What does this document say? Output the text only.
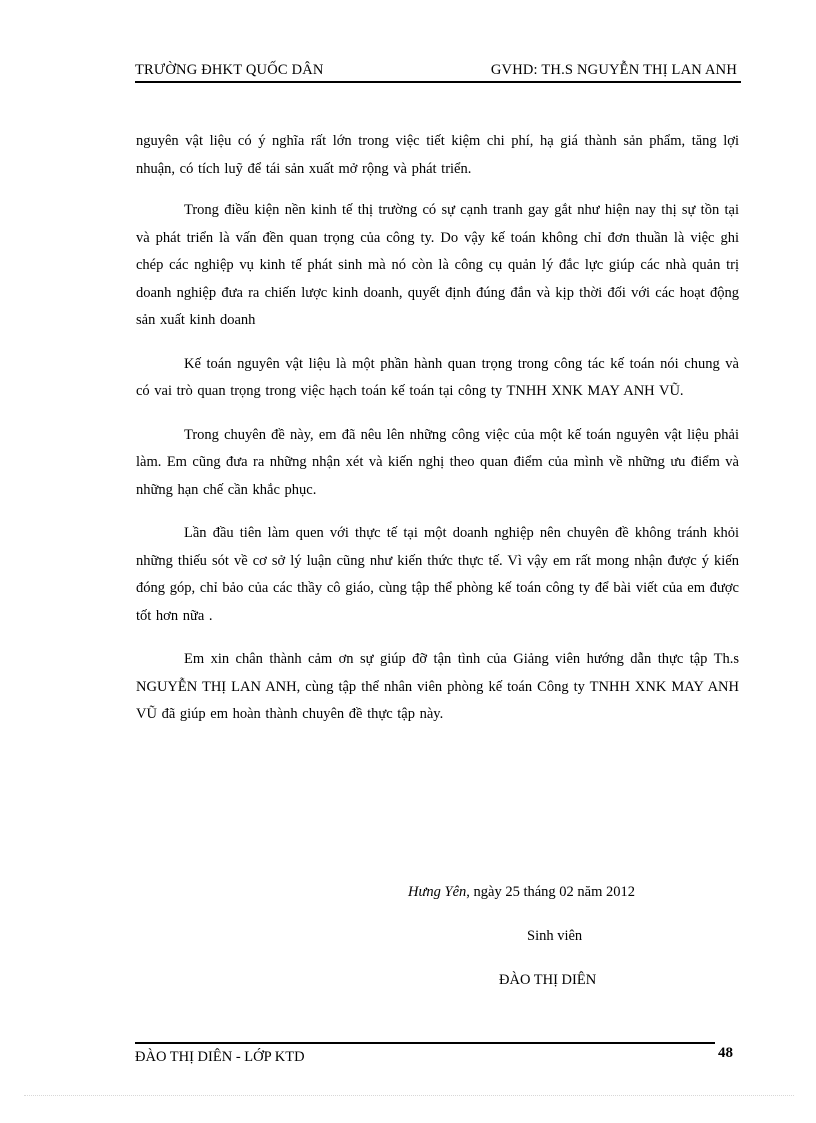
TRƯỜNG ĐHKT QUỐC DÂN	GVHD: TH.S NGUYỄN THỊ LAN ANH

nguyên vật liệu có ý nghĩa rất lớn trong việc tiết kiệm chi phí, hạ giá thành sản phẩm, tăng lợi nhuận, có tích luỹ để tái sản xuất mở rộng và phát triển.

Trong điều kiện nền kinh tế thị trường có sự cạnh tranh gay gắt như hiện nay thị sự tồn tại và phát triển là vấn đền quan trọng của công ty. Do vậy kế toán không chỉ đơn thuần là việc ghi chép các nghiệp vụ kinh tế phát sinh mà nó còn là công cụ quản lý đắc lực giúp các nhà quản trị doanh nghiệp đưa ra chiến lược kinh doanh, quyết định đúng đắn và kịp thời đối với các hoạt động sản xuất kinh doanh

Kế toán nguyên vật liệu là một phần hành quan trọng trong công tác kế toán nói chung và có vai trò quan trọng trong việc hạch toán kế toán tại công ty TNHH XNK MAY ANH VŨ.

Trong chuyên đề này, em đã nêu lên những công việc của một kế toán nguyên vật liệu phải làm. Em cũng đưa ra những nhận xét và kiến nghị theo quan điểm của mình về những ưu điểm và những hạn chế cần khắc phục.

Lần đầu tiên làm quen với thực tế tại một doanh nghiệp nên chuyên đề không tránh khỏi những thiếu sót về cơ sở lý luận cũng như kiến thức thực tế. Vì vậy em rất mong nhận được ý kiến đóng góp, chỉ bảo của các thầy cô giáo, cùng tập thể phòng kế toán công ty để bài viết của em được tốt hơn nữa .

Em xin chân thành cảm ơn sự giúp đỡ tận tình của Giảng viên hướng dẫn thực tập Th.s NGUYỄN THỊ LAN ANH, cùng tập thể nhân viên phòng kế toán Công ty TNHH XNK MAY ANH VŨ đã giúp em hoàn thành chuyên đề thực tập này.

Hưng Yên, ngày 25 tháng 02 năm 2012
Sinh viên
ĐÀO THỊ DIÊN
ĐÀO THỊ DIÊN - LỚP KTD	48
